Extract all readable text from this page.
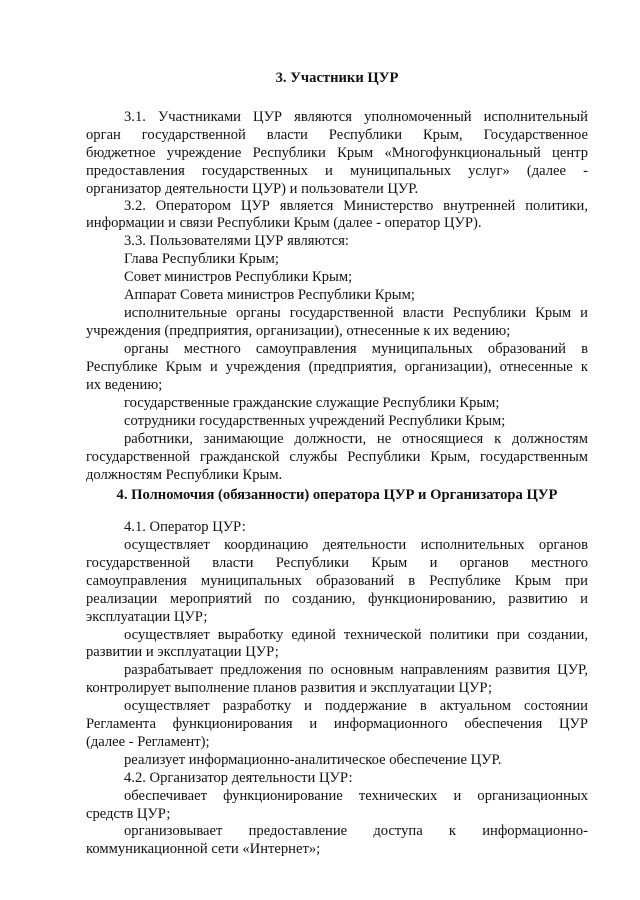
3. Участники ЦУР
3.1. Участниками ЦУР являются уполномоченный исполнительный
орган государственной власти Республики Крым, Государственное
бюджетное учреждение Республики Крым «Многофункциональный центр
предоставления государственных и муниципальных услуг» (далее -
организатор деятельности ЦУР) и пользователи ЦУР.
3.2. Оператором ЦУР является Министерство внутренней политики,
информации и связи Республики Крым (далее - оператор ЦУР).
3.3. Пользователями ЦУР являются:
Глава Республики Крым;
Совет министров Республики Крым;
Аппарат Совета министров Республики Крым;
исполнительные органы государственной власти Республики Крым и
учреждения (предприятия, организации), отнесенные к их ведению;
органы местного самоуправления муниципальных образований в
Республике Крым и учреждения (предприятия, организации), отнесенные к
их ведению;
государственные гражданские служащие Республики Крым;
сотрудники государственных учреждений Республики Крым;
работники, занимающие должности, не относящиеся к должностям
государственной гражданской службы Республики Крым, государственным
должностям Республики Крым.
4. Полномочия (обязанности) оператора ЦУР и Организатора ЦУР
4.1. Оператор ЦУР:
осуществляет координацию деятельности исполнительных органов
государственной власти Республики Крым и органов местного
самоуправления муниципальных образований в Республике Крым при
реализации мероприятий по созданию, функционированию, развитию и
эксплуатации ЦУР;
осуществляет выработку единой технической политики при создании,
развитии и эксплуатации ЦУР;
разрабатывает предложения по основным направлениям развития ЦУР,
контролирует выполнение планов развития и эксплуатации ЦУР;
осуществляет разработку и поддержание в актуальном состоянии
Регламента функционирования и информационного обеспечения ЦУР
(далее - Регламент);
реализует информационно-аналитическое обеспечение ЦУР.
4.2. Организатор деятельности ЦУР:
обеспечивает функционирование технических и организационных
средств ЦУР;
организовывает предоставление доступа к информационно-
коммуникационной сети «Интернет»;
